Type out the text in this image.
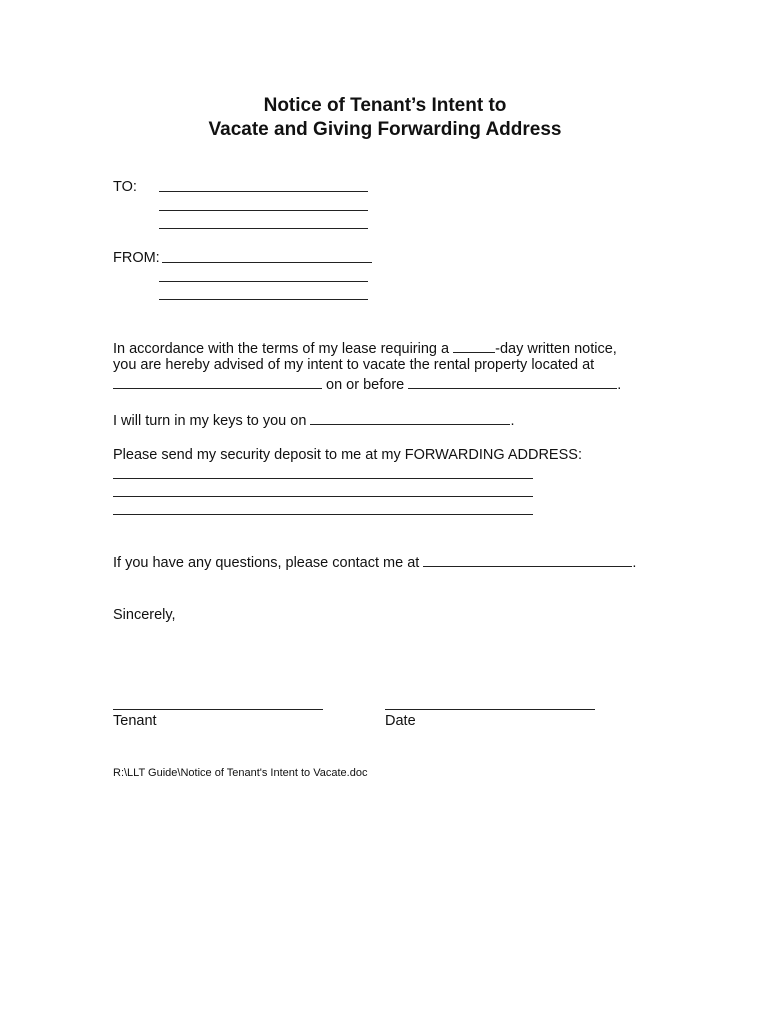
Notice of Tenant’s Intent to
Vacate and Giving Forwarding Address
TO:
FROM:
In accordance with the terms of my lease requiring a	-day written notice,
you are hereby advised of my intent to vacate the rental property located at
on or before	.
I will turn in my keys to you on	.
Please send my security deposit to me at my FORWARDING ADDRESS:
If you have any questions, please contact me at	.
Sincerely,
Tenant	Date
R:\LLT Guide\Notice of Tenant's Intent to Vacate.doc
